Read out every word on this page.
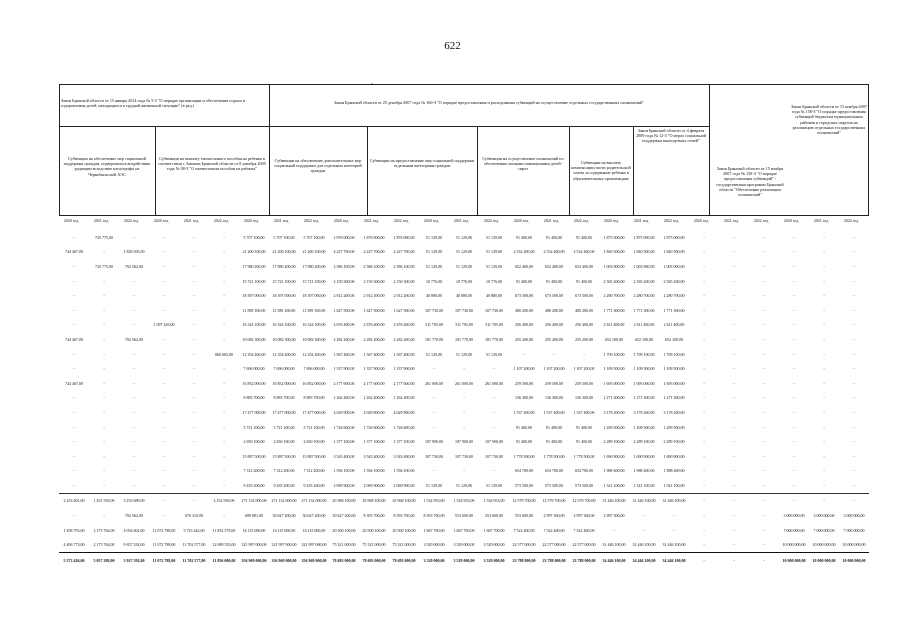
622
.
Закон Брянской области от 15 января 2014 года № 5-З "О порядке организации и обеспечения отдыха и оздоровления детей, находящихся в трудной жизненной ситуации" (в ред.)
Закон Брянской области от 25 декабря 2007 года № 160-З "О порядке предоставления и расходования субвенций на осуществление отдельных государственных полномочий"
Закон Брянской области от 15 ноября 2007 года № 158-З "О порядке предоставления субвенций бюджетам муниципальных районов и городских округов на реализацию отдельных государственных полномочий"
Субвенции на обеспечение мер социальной поддержки граждан, подвергшихся воздействию радиации вследствие катастрофы на Чернобыльской АЭС
Субвенции на выплату ежемесячного пособия на ребенка в соответствии с Законом Брянской области от 8 декабря 2005 года № 98-З "О ежемесячном пособии на ребенка"
Субвенции на обеспечение дополнительных мер социальной поддержки для отдельных категорий граждан
Субвенции на предоставление мер социальной поддержки отдельным категориям граждан
Субвенции на осуществление полномочий по обеспечению жилыми помещениями детей-сирот
Субвенции на выплату компенсации части родительской платы за содержание ребенка в образовательных организациях
Закон Брянской области от 4 февраля 2009 года № 12-З "О мерах социальной поддержки многодетных семей"
Закон Брянской области от 15 ноября 2007 года № 158-З "О порядке предоставления субвенций" - государственная программа Брянской области "Обеспечение реализации полномочий"
2020 год	2021 год	2022 год	2020 год	2021 год	2022 год	2020 год	2021 год	2022 год	2020 год	2021 год	2022 год	2020 год	2021 год	2022 год	2020 год	2021 год	2022 год	2020 год	2021 год	2022 год	2020 год	2021 год	2022 год	2020 год	2021 год	2022 год
-	725 775,00	-	-	-	-	5 707 100,00	5 707 100,00	5 707 100,00	1 876 000,00	1 876 000,00	1 876 000,00	51 129,00	51 129,00	51 129,00	91 400,00	91 400,00	91 400,00	1 875 000,00	1 875 000,00	1 875 000,00	-	-	-	-	-	-
744 467,00	-	1 828 565,00	-	-	-	21 200 100,00	21 200 100,00	21 200 100,00	4 227 700,00	4 227 700,00	4 227 700,00	51 129,00	51 129,00	51 129,00	2 532 400,00	2 532 400,00	2 532 400,00	1 840 500,00	1 840 500,00	1 840 500,00	-	-	-	-	-	-
-	725 775,00	702 562,00	-	-	-	17 980 200,00	17 980 200,00	17 980 200,00	2 586 100,00	2 586 100,00	2 586 100,00	51 129,00	51 129,00	51 129,00	652 400,00	652 400,00	652 400,00	1 003 900,00	1 003 900,00	1 003 900,00	-	-	-	-	-	-
-	-	-	-	-	-	15 721 100,00	15 721 100,00	15 721 100,00	2 150 300,00	2 150 300,00	2 150 300,00	10 776,00	10 776,00	10 776,00	91 400,00	91 400,00	91 400,00	2 565 200,00	2 565 200,00	2 565 200,00	-	-	-	-	-	-
-	-	-	-	-	-	18 397 000,00	18 397 000,00	18 397 000,00	2 912 200,00	2 912 200,00	2 912 200,00	40 880,00	40 880,00	40 880,00	673 500,00	673 500,00	673 500,00	2 280 700,00	2 280 700,00	2 280 700,00	-	-	-	-	-	-
-	-	-	-	-	-	11 589 100,00	11 589 100,00	11 589 100,00	1 627 500,00	1 627 500,00	1 627 500,00	107 730,00	107 730,00	107 730,00	480 200,00	480 200,00	480 200,00	1 771 300,00	1 771 300,00	1 771 300,00	-	-	-	-	-	-
-	-	-	1 097 426,00	-	-	16 324 100,00	16 324 100,00	16 324 100,00	2 676 400,00	2 676 400,00	2 676 400,00	311 705,00	311 705,00	311 705,00	256 400,00	256 400,00	256 400,00	2 611 400,00	2 611 400,00	2 611 400,00	-	-	-	-	-	-
744 467,00	-	702 562,00	-	-	-	10 082 300,00	10 082 300,00	10 082 300,00	2 282 200,00	2 282 200,00	2 282 200,00	181 770,00	181 770,00	181 770,00	255 200,00	255 200,00	255 200,00	652 100,00	652 100,00	652 100,00	-	-	-	-	-	-
-	-	-	-	-	866 065,00	12 354 400,00	12 354 400,00	12 354 400,00	1 567 400,00	1 567 400,00	1 567 400,00	51 129,00	51 129,00	51 129,00	-	-	-	1 709 100,00	1 709 100,00	1 709 100,00	-	-	-	-	-	-
-	-	-	-	-	-	7 696 000,00	7 696 000,00	7 696 000,00	1 337 900,00	1 337 900,00	1 337 900,00	-	-	-	1 107 200,00	1 107 200,00	1 107 200,00	1 109 500,00	1 109 500,00	1 109 500,00	-	-	-	-	-	-
744 467,00	-	-	-	-	-	16 852 000,00	16 852 000,00	16 852 000,00	2 177 600,00	2 177 600,00	2 177 600,00	261 000,00	261 000,00	261 000,00	259 500,00	259 500,00	259 500,00	1 695 000,00	1 695 000,00	1 695 000,00	-	-	-	-	-	-
-	-	-	-	-	-	8 883 700,00	8 883 700,00	8 883 700,00	1 262 400,00	1 262 400,00	1 262 400,00	-	-	-	136 300,00	136 300,00	136 300,00	1 271 300,00	1 271 300,00	1 271 300,00	-	-	-	-	-	-
-	-	-	-	-	-	17 477 000,00	17 477 000,00	17 477 000,00	4 029 900,00	4 029 900,00	4 029 900,00	-	-	-	1 537 400,00	1 537 400,00	1 537 400,00	3 178 200,00	3 178 200,00	3 178 200,00	-	-	-	-	-	-
-	-	-	-	-	-	5 721 100,00	5 721 100,00	5 721 100,00	1 726 600,00	1 726 600,00	1 726 600,00	-	-	-	91 400,00	91 400,00	91 400,00	1 209 500,00	1 209 500,00	1 209 500,00	-	-	-	-	-	-
-	-	-	-	-	-	2 650 100,00	2 650 100,00	2 650 100,00	1 377 100,00	1 377 100,00	1 377 100,00	107 900,00	107 900,00	107 900,00	91 400,00	91 400,00	91 400,00	2 289 100,00	2 289 100,00	2 289 100,00	-	-	-	-	-	-
-	-	-	-	-	-	15 887 500,00	15 887 500,00	15 887 500,00	3 543 400,00	3 543 400,00	3 543 400,00	107 730,00	107 730,00	107 730,00	1 778 500,00	1 778 500,00	1 778 500,00	1 690 900,00	1 690 900,00	1 690 900,00	-	-	-	-	-	-
-	-	-	-	-	-	7 312 200,00	7 312 200,00	7 312 200,00	1 594 100,00	1 594 100,00	1 594 100,00	-	-	-	654 700,00	654 700,00	654 700,00	1 988 400,00	1 988 400,00	1 988 400,00	-	-	-	-	-	-
-	-	-	-	-	-	9 435 200,00	9 435 200,00	9 435 200,00	2 069 900,00	2 069 900,00	2 069 900,00	51 129,00	51 129,00	51 129,00	573 500,00	573 500,00	573 500,00	1 541 100,00	1 541 100,00	1 541 100,00	-	-	-	-	-	-
2 233 401,00	1 451 550,00	3 233 689,00	-	-	2 252 956,00	271 132 000,00	271 132 000,00	271 132 000,00	45 968 100,00	45 968 100,00	45 968 100,00	1 534 953,00	1 534 953,00	1 534 953,00	12 579 700,00	12 579 700,00	12 579 700,00	31 446 100,00	31 446 100,00	31 446 100,00	-	-	-	-	-	-
-	-	702 562,00	-	676 310,00	-	689 881,00	30 627 200,00	30 627 200,00	30 627 200,00	8 393 700,00	8 393 700,00	8 393 700,00	553 600,00	553 600,00	553 600,00	2 997 300,00	2 997 300,00	2 997 300,00	-	-	-	-	-	3 000 000,00	3 000 000,00	3 000 000,00
1 458 793,00	2 175 764,00	4 054 602,00	11 072 788,00	5 723 442,00	11 852 579,00	16 115 000,00	16 115 000,00	16 115 000,00	20 500 100,00	20 500 100,00	20 500 100,00	1 667 700,00	1 667 700,00	1 667 700,00	7 522 400,00	7 522 400,00	7 522 400,00	-	-	-	-	-	-	7 000 000,00	7 000 000,00	7 000 000,00
4 406 773,00	2 175 764,00	9 657 332,00	11 072 788,00	11 702 577,00	12 689 535,00	321 997 000,00	321 997 000,00	321 997 000,00	75 321 000,00	75 321 000,00	75 321 000,00	3 529 000,00	3 529 000,00	3 529 000,00	22 577 000,00	22 577 000,00	22 577 000,00	31 446 100,00	31 446 100,00	31 446 100,00	-	-	-	10 000 000,00	10 000 000,00	10 000 000,00
5 573 426,00	5 057 289,00	5 937 592,00	11 072 788,00	11 702 577,00	11 856 000,00	356 969 000,00	356 969 000,00	356 969 000,00	78 693 000,00	78 693 000,00	78 693 000,00	3 529 000,00	3 529 000,00	3 529 000,00	23 788 000,00	23 788 000,00	23 788 000,00	34 446 100,00	34 446 100,00	34 446 100,00	-	-	-	10 000 000,00	10 000 000,00	10 000 000,00
